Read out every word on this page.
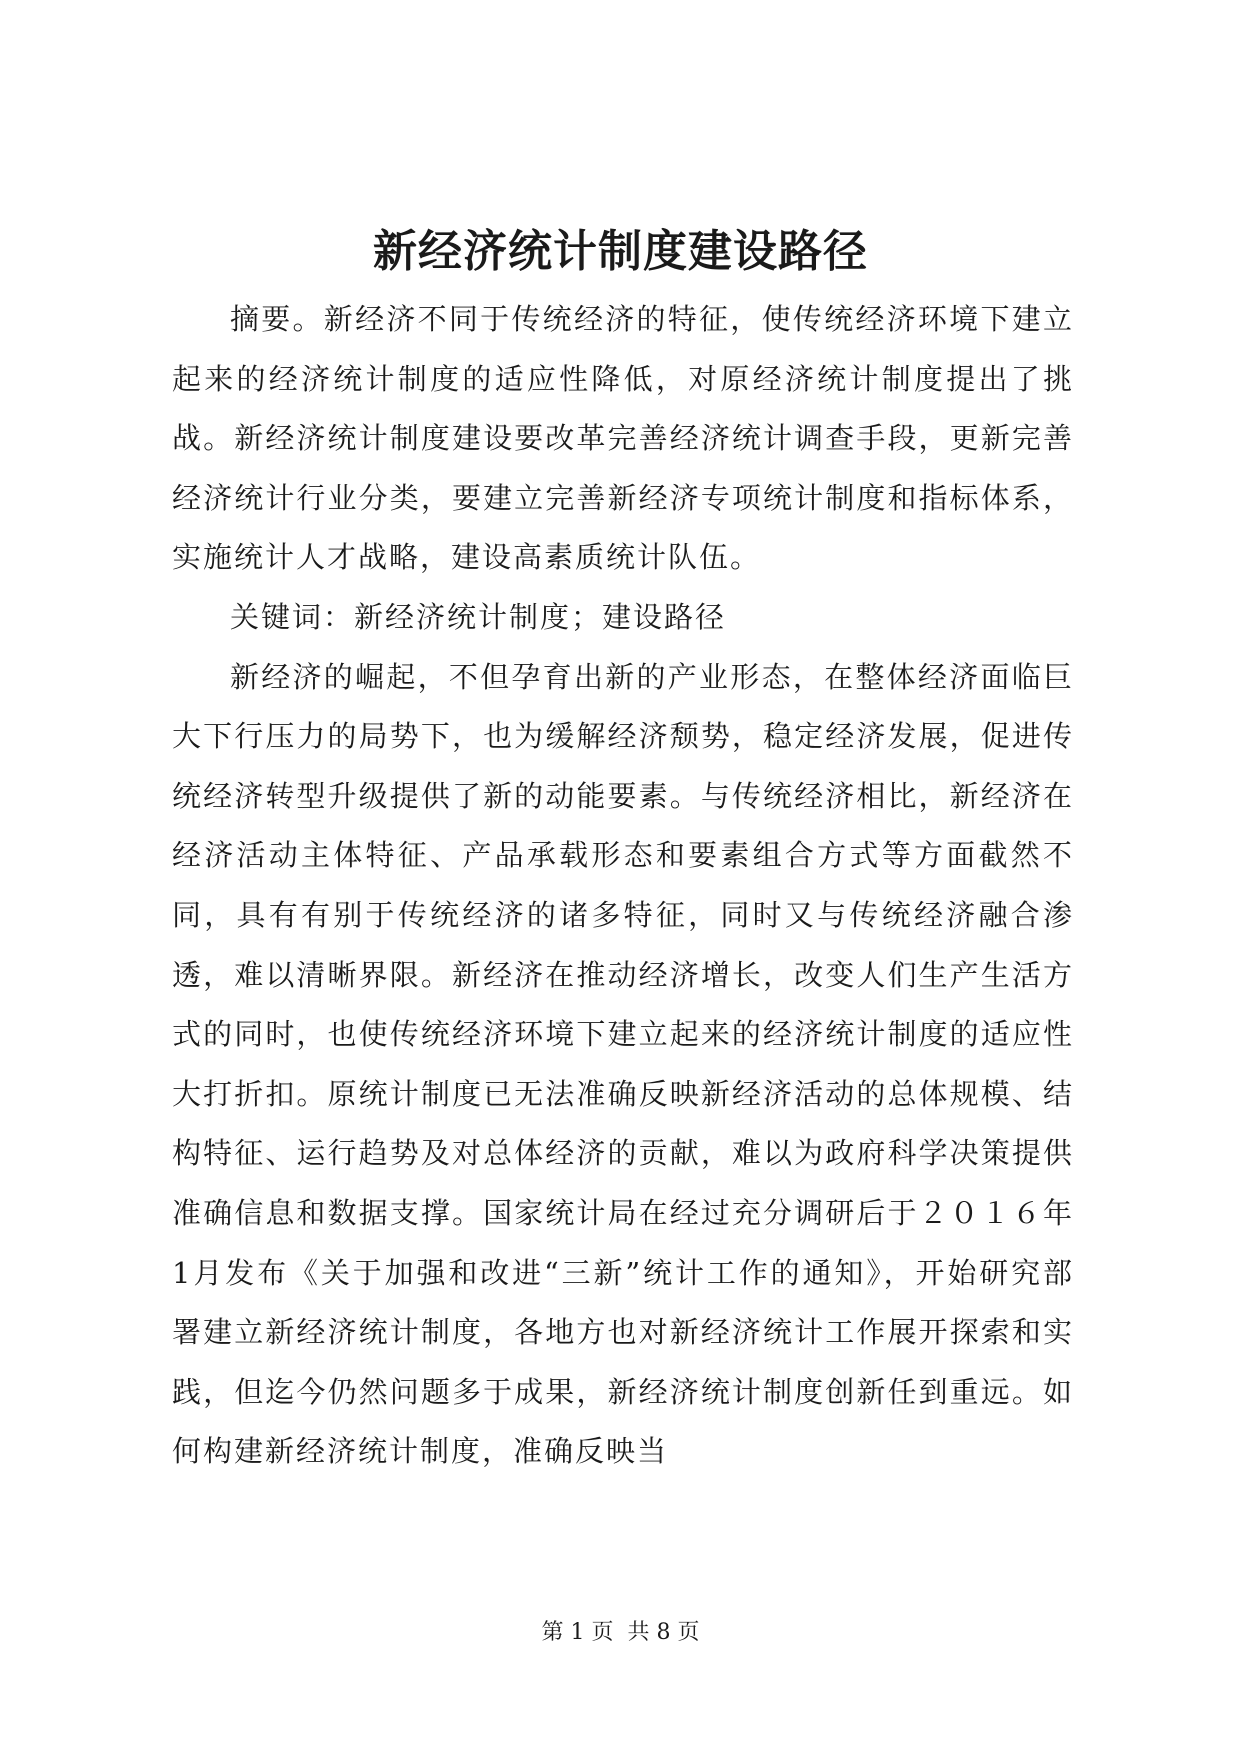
新经济统计制度建设路径

摘要。新经济不同于传统经济的特征，使传统经济环境下建立起来的经济统计制度的适应性降低，对原经济统计制度提出了挑战。新经济统计制度建设要改革完善经济统计调查手段，更新完善经济统计行业分类，要建立完善新经济专项统计制度和指标体系，实施统计人才战略，建设高素质统计队伍。

关键词：新经济统计制度；建设路径

新经济的崛起，不但孕育出新的产业形态，在整体经济面临巨大下行压力的局势下，也为缓解经济颓势，稳定经济发展，促进传统经济转型升级提供了新的动能要素。与传统经济相比，新经济在经济活动主体特征、产品承载形态和要素组合方式等方面截然不同，具有有别于传统经济的诸多特征，同时又与传统经济融合渗透，难以清晰界限。新经济在推动经济增长，改变人们生产生活方式的同时，也使传统经济环境下建立起来的经济统计制度的适应性大打折扣。原统计制度已无法准确反映新经济活动的总体规模、结构特征、运行趋势及对总体经济的贡献，难以为政府科学决策提供准确信息和数据支撑。国家统计局在经过充分调研后于２０１６年1月发布《关于加强和改进“三新”统计工作的通知》，开始研究部署建立新经济统计制度，各地方也对新经济统计工作展开探索和实践，但迄今仍然问题多于成果，新经济统计制度创新任到重远。如何构建新经济统计制度，准确反映当

第 1 页  共 8 页
